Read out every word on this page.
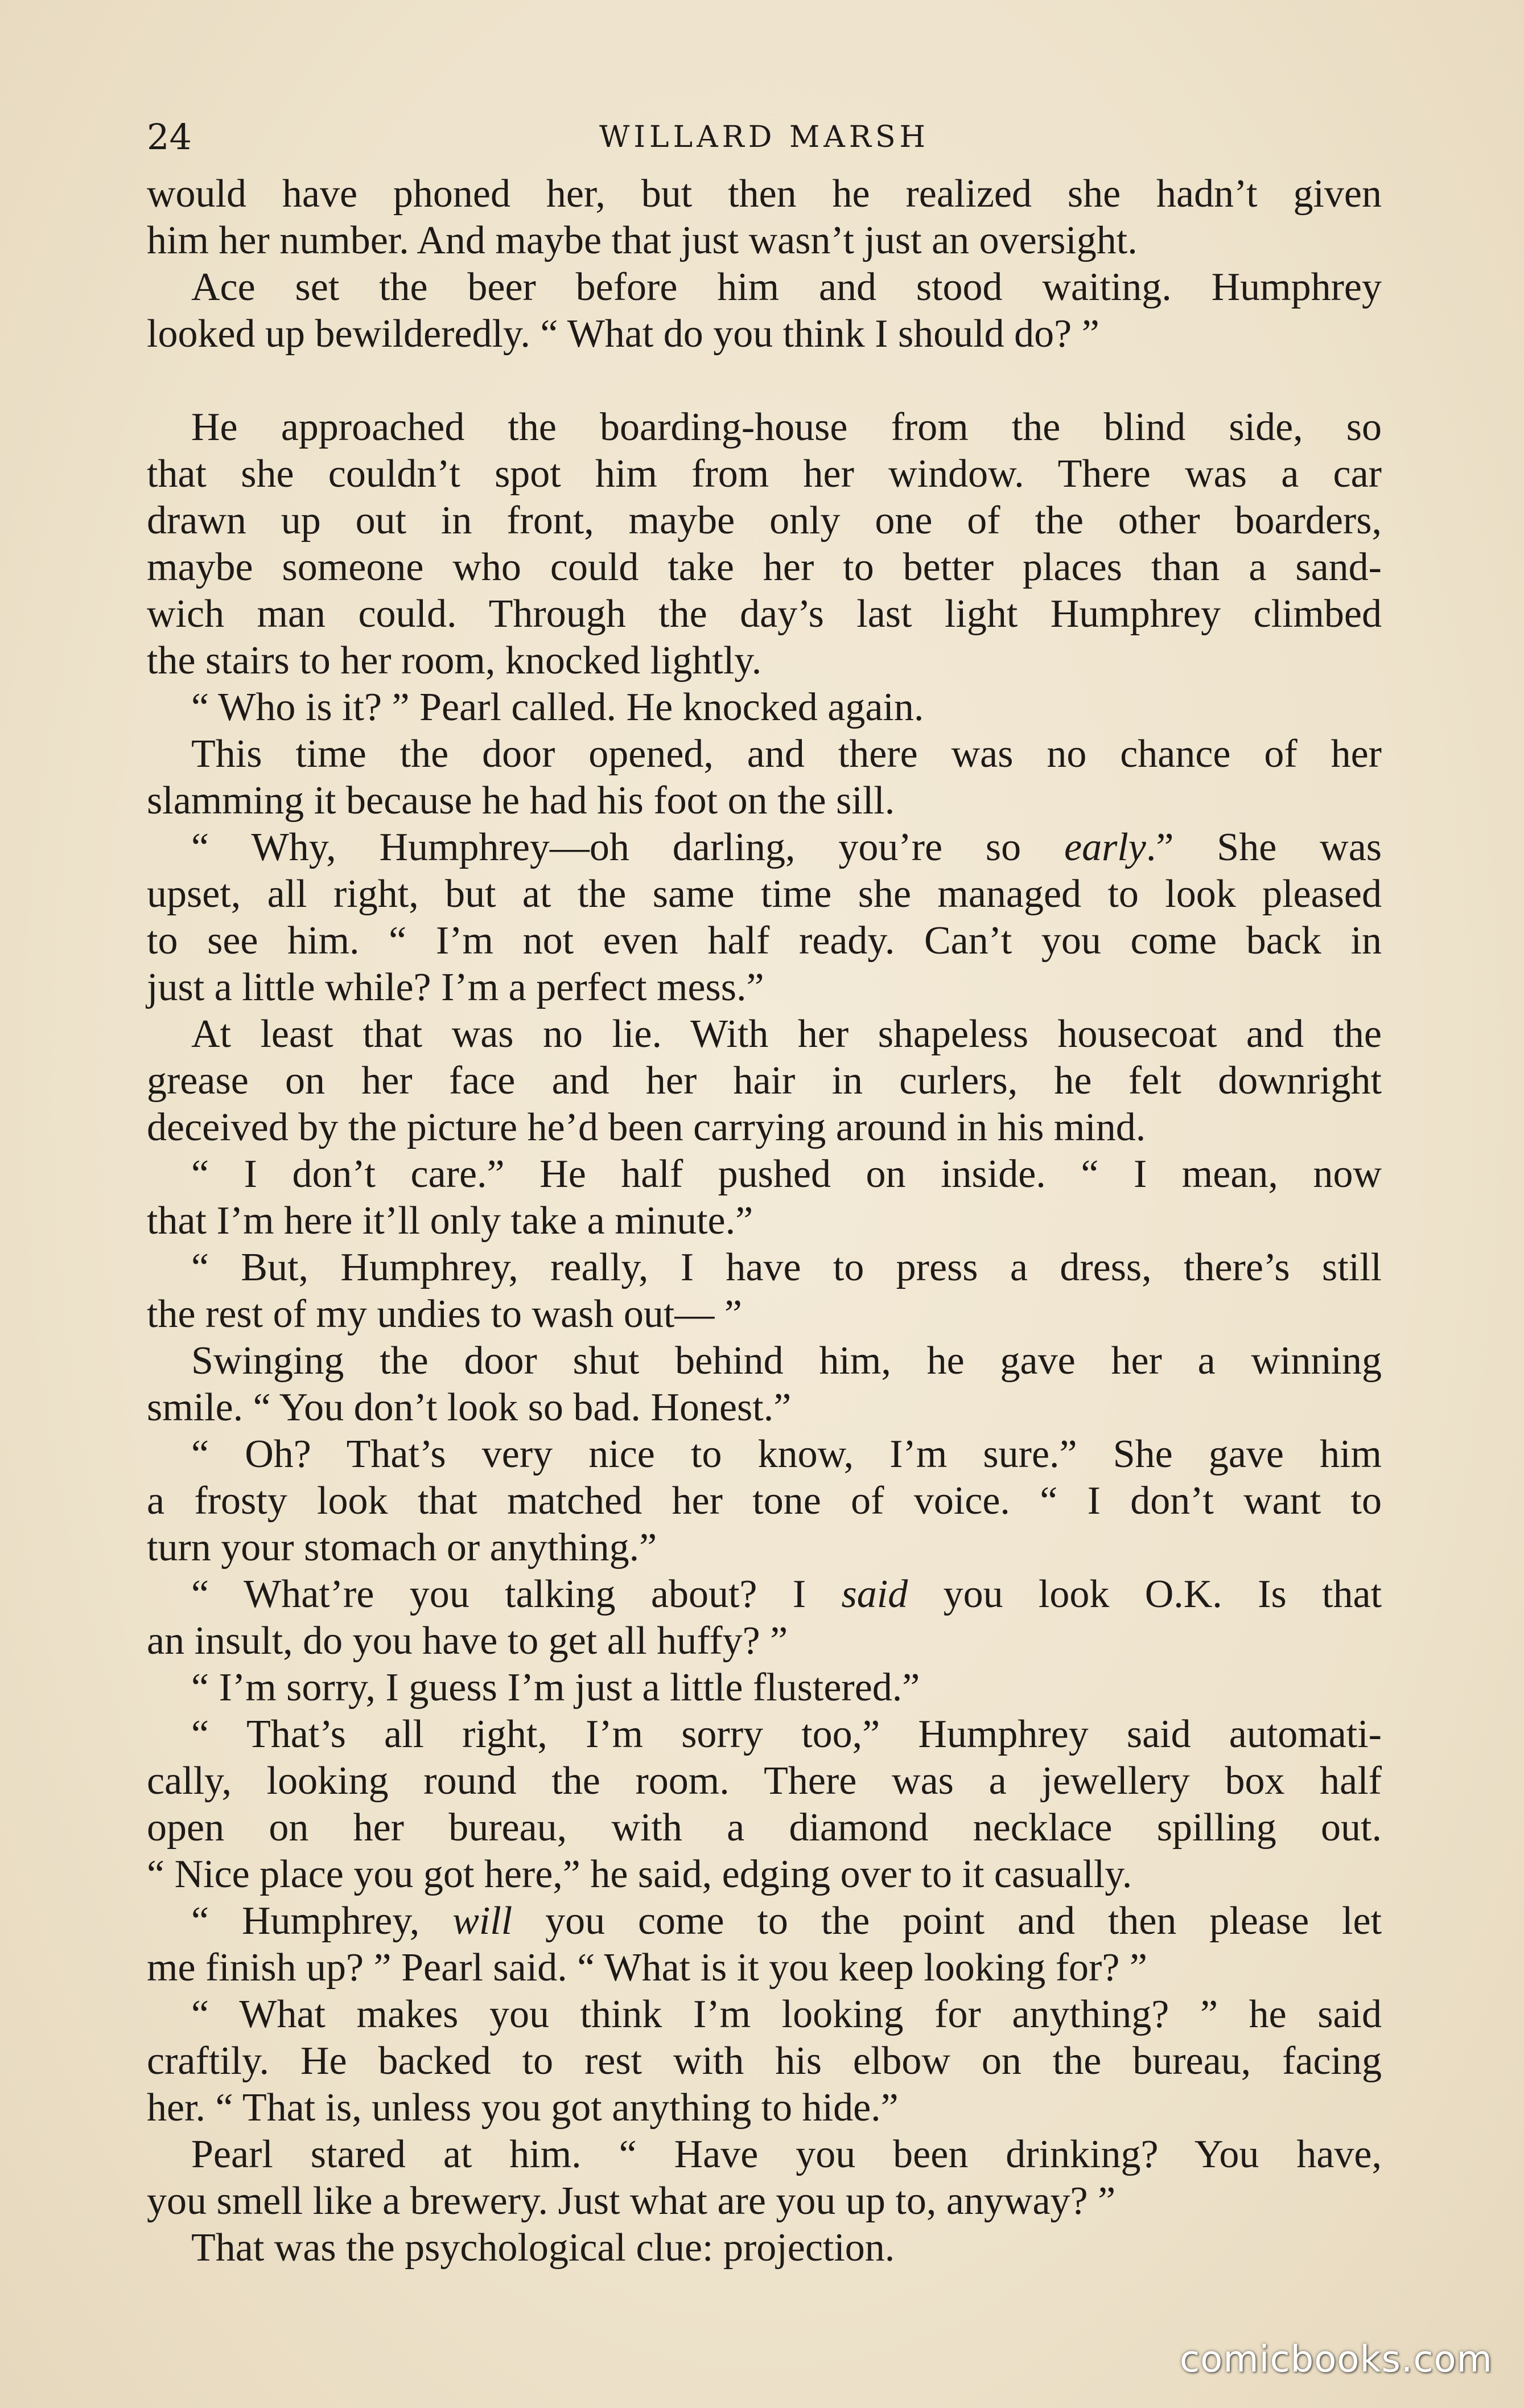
24	WILLARD MARSH
would have phoned her, but then he realized she hadn’t given
him her number. And maybe that just wasn’t just an oversight.
Ace set the beer before him and stood waiting. Humphrey
looked up bewilderedly. “ What do you think I should do? ”
He approached the boarding-house from the blind side, so
that she couldn’t spot him from her window. There was a car
drawn up out in front, maybe only one of the other boarders,
maybe someone who could take her to better places than a sand-
wich man could. Through the day’s last light Humphrey climbed
the stairs to her room, knocked lightly.
“ Who is it? ” Pearl called. He knocked again.
This time the door opened, and there was no chance of her
slamming it because he had his foot on the sill.
“ Why, Humphrey—oh darling, you’re so early.” She was
upset, all right, but at the same time she managed to look pleased
to see him. “ I’m not even half ready. Can’t you come back in
just a little while? I’m a perfect mess.”
At least that was no lie. With her shapeless housecoat and the
grease on her face and her hair in curlers, he felt downright
deceived by the picture he’d been carrying around in his mind.
“ I don’t care.” He half pushed on inside. “ I mean, now
that I’m here it’ll only take a minute.”
“ But, Humphrey, really, I have to press a dress, there’s still
the rest of my undies to wash out— ”
Swinging the door shut behind him, he gave her a winning
smile. “ You don’t look so bad. Honest.”
“ Oh? That’s very nice to know, I’m sure.” She gave him
a frosty look that matched her tone of voice. “ I don’t want to
turn your stomach or anything.”
“ What’re you talking about? I said you look O.K. Is that
an insult, do you have to get all huffy? ”
“ I’m sorry, I guess I’m just a little flustered.”
“ That’s all right, I’m sorry too,” Humphrey said automati-
cally, looking round the room. There was a jewellery box half
open on her bureau, with a diamond necklace spilling out.
“ Nice place you got here,” he said, edging over to it casually.
“ Humphrey, will you come to the point and then please let
me finish up? ” Pearl said. “ What is it you keep looking for? ”
“ What makes you think I’m looking for anything? ” he said
craftily. He backed to rest with his elbow on the bureau, facing
her. “ That is, unless you got anything to hide.”
Pearl stared at him. “ Have you been drinking? You have,
you smell like a brewery. Just what are you up to, anyway? ”
That was the psychological clue: projection.
comicbooks.com
